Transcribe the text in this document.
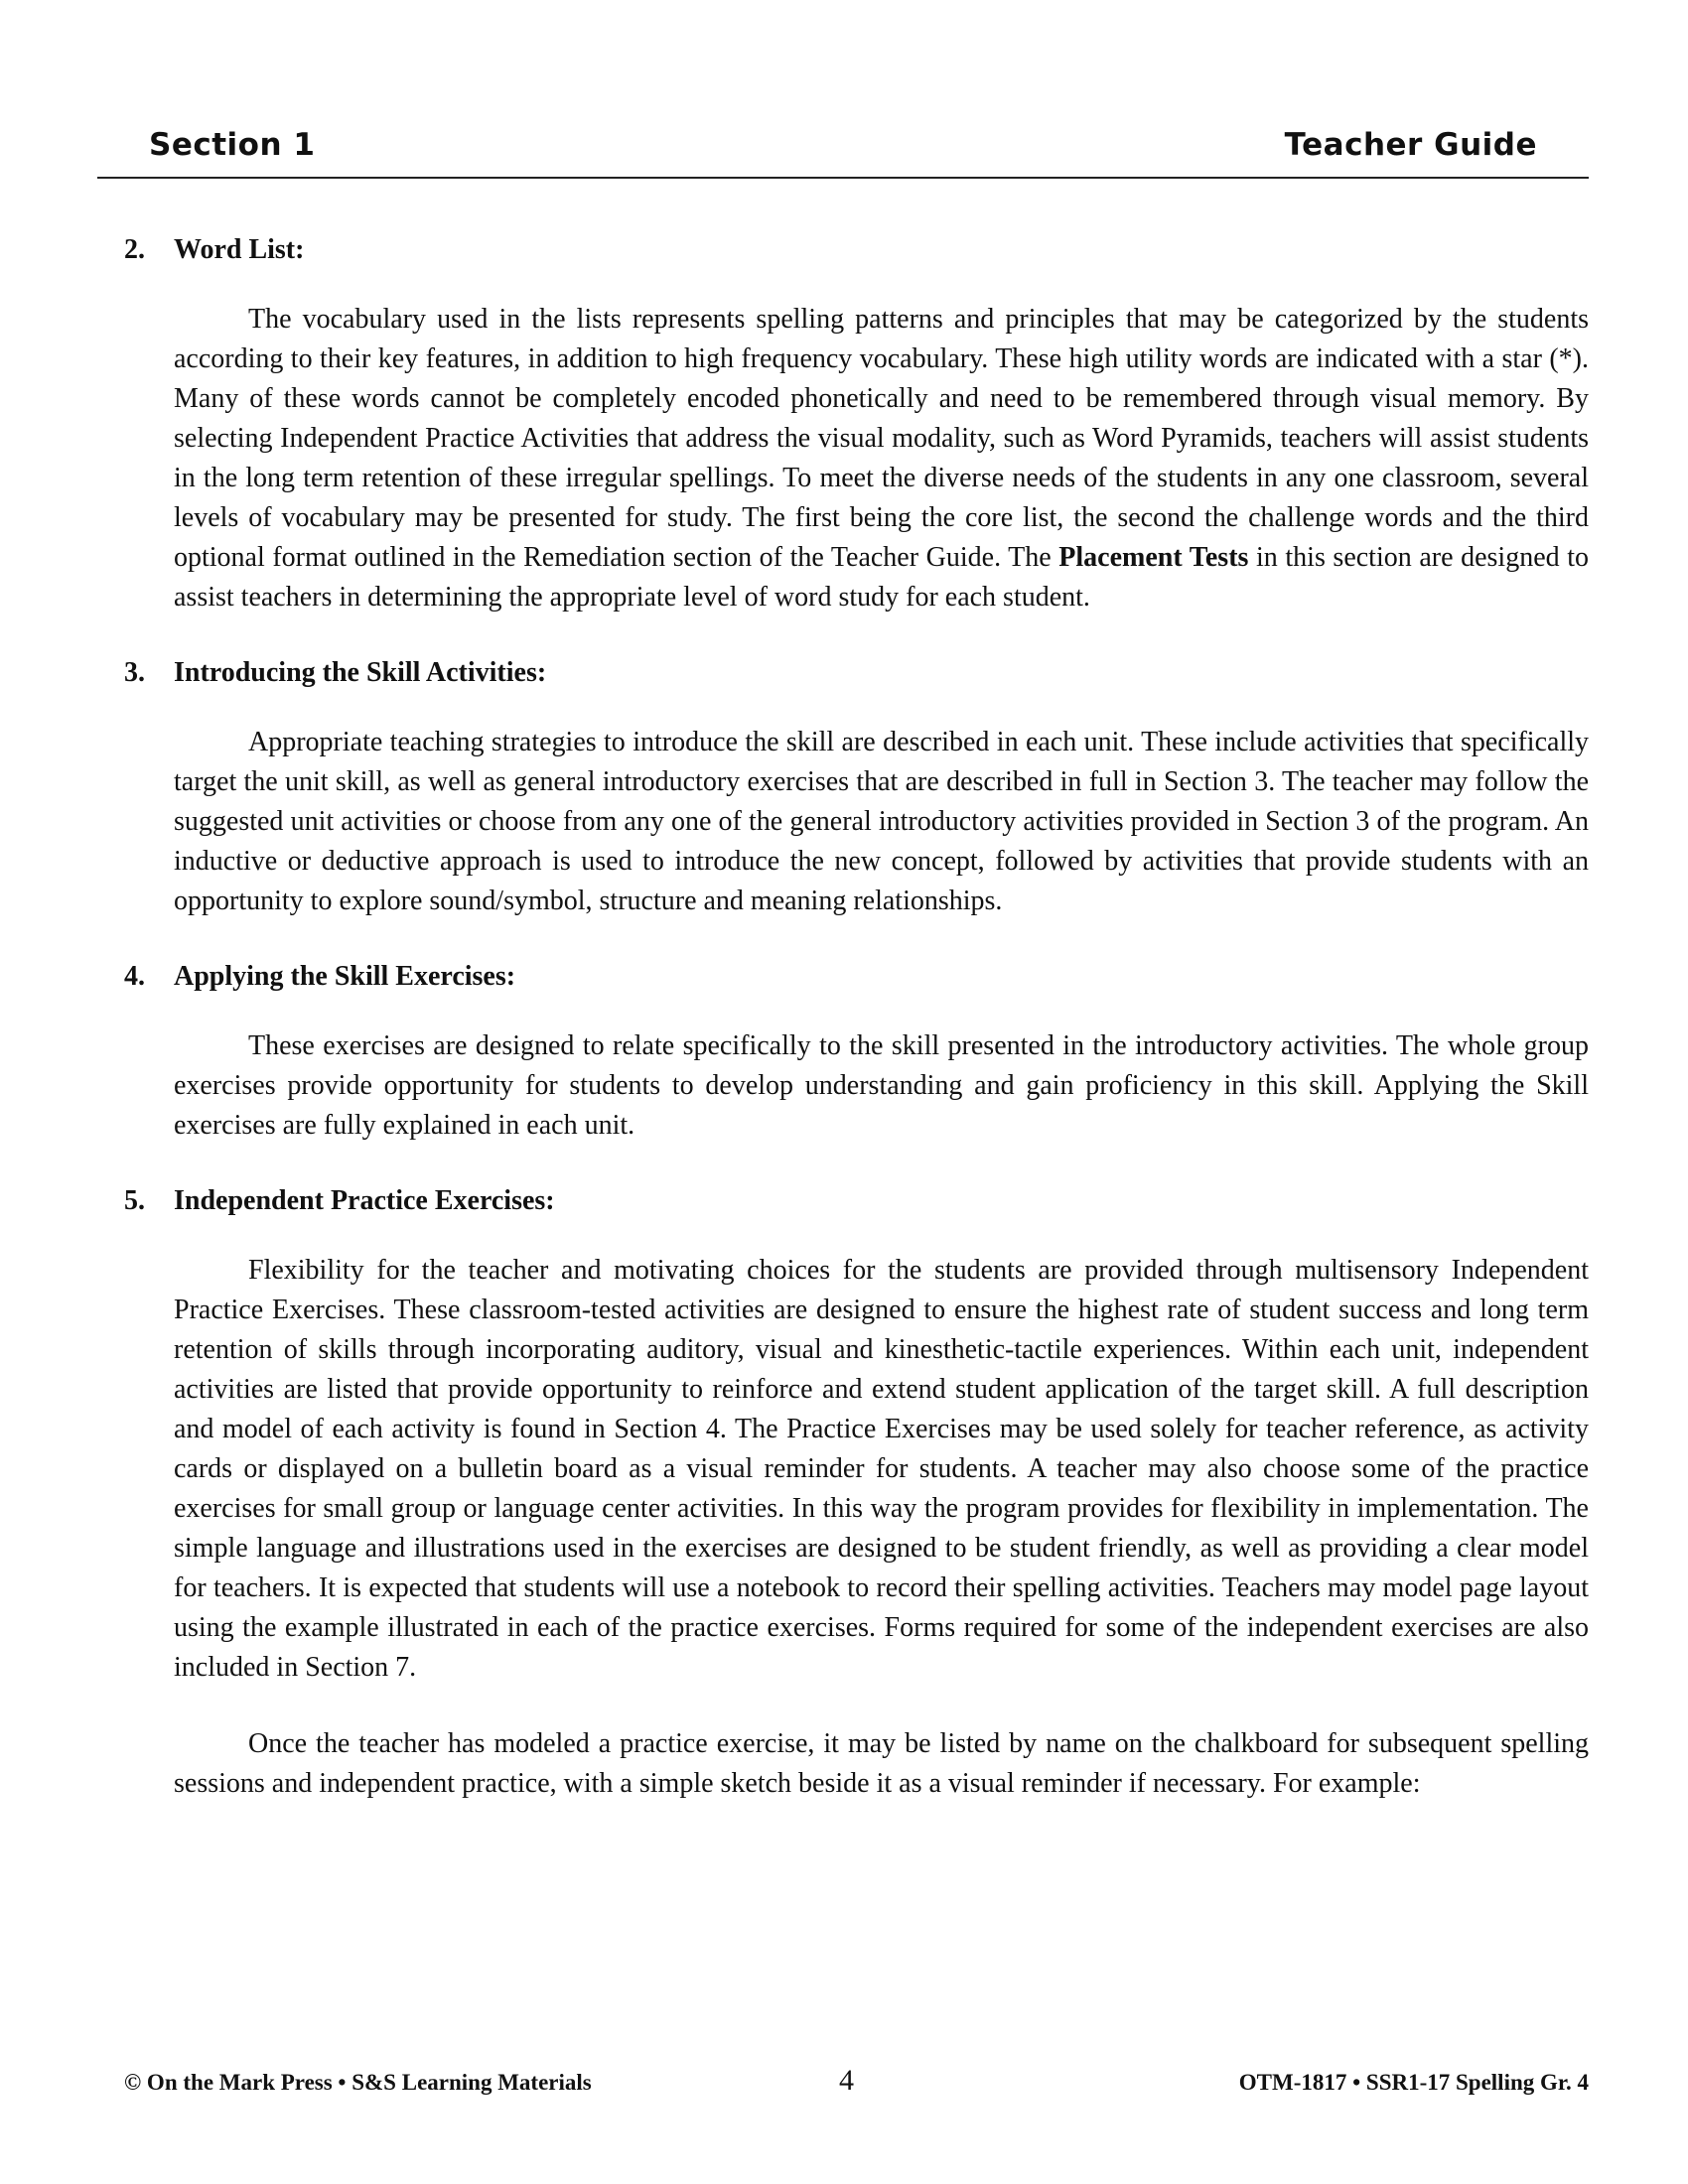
Section 1	Teacher Guide
2. Word List:

The vocabulary used in the lists represents spelling patterns and principles that may be categorized by the students according to their key features, in addition to high frequency vocabulary. These high utility words are indicated with a star (*). Many of these words cannot be completely encoded phonetically and need to be remembered through visual memory. By selecting Independent Practice Activities that address the visual modality, such as Word Pyramids, teachers will assist students in the long term retention of these irregular spellings. To meet the diverse needs of the students in any one classroom, several levels of vocabulary may be presented for study. The first being the core list, the second the challenge words and the third optional format outlined in the Remediation section of the Teacher Guide. The Placement Tests in this section are designed to assist teachers in determining the appropriate level of word study for each student.

3. Introducing the Skill Activities:

Appropriate teaching strategies to introduce the skill are described in each unit. These include activities that specifically target the unit skill, as well as general introductory exercises that are described in full in Section 3. The teacher may follow the suggested unit activities or choose from any one of the general introductory activities provided in Section 3 of the program. An inductive or deductive approach is used to introduce the new concept, followed by activities that provide students with an opportunity to explore sound/symbol, structure and meaning relationships.

4. Applying the Skill Exercises:

These exercises are designed to relate specifically to the skill presented in the introductory activities. The whole group exercises provide opportunity for students to develop understanding and gain proficiency in this skill. Applying the Skill exercises are fully explained in each unit.

5. Independent Practice Exercises:

Flexibility for the teacher and motivating choices for the students are provided through multisensory Independent Practice Exercises. These classroom-tested activities are designed to ensure the highest rate of student success and long term retention of skills through incorporating auditory, visual and kinesthetic-tactile experiences. Within each unit, independent activities are listed that provide opportunity to reinforce and extend student application of the target skill. A full description and model of each activity is found in Section 4. The Practice Exercises may be used solely for teacher reference, as activity cards or displayed on a bulletin board as a visual reminder for students. A teacher may also choose some of the practice exercises for small group or language center activities. In this way the program provides for flexibility in implementation. The simple language and illustrations used in the exercises are designed to be student friendly, as well as providing a clear model for teachers. It is expected that students will use a notebook to record their spelling activities. Teachers may model page layout using the example illustrated in each of the practice exercises. Forms required for some of the independent exercises are also included in Section 7.

Once the teacher has modeled a practice exercise, it may be listed by name on the chalkboard for subsequent spelling sessions and independent practice, with a simple sketch beside it as a visual reminder if necessary. For example:

© On the Mark Press • S&S Learning Materials	4	OTM-1817 • SSR1-17 Spelling Gr. 4
